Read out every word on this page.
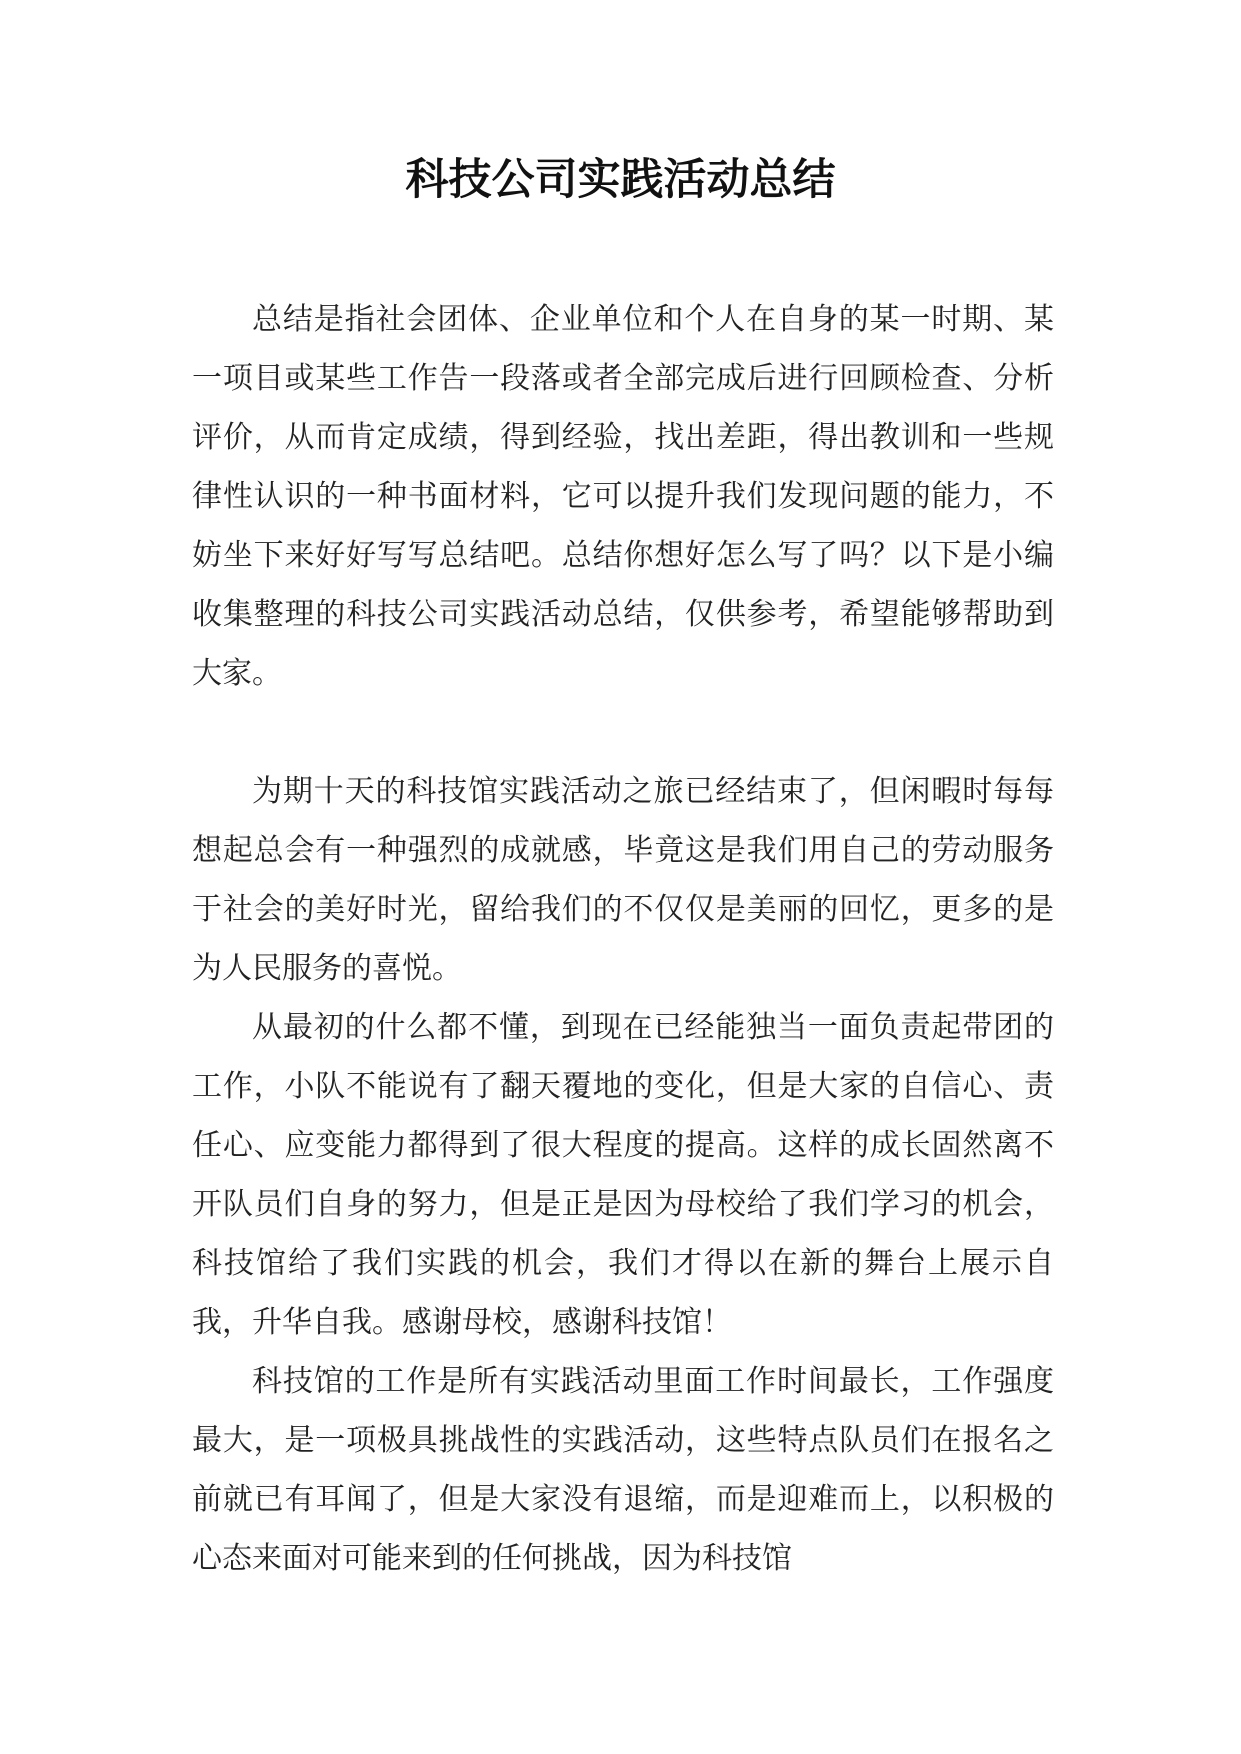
科技公司实践活动总结

总结是指社会团体、企业单位和个人在自身的某一时期、某一项目或某些工作告一段落或者全部完成后进行回顾检查、分析评价，从而肯定成绩，得到经验，找出差距，得出教训和一些规律性认识的一种书面材料，它可以提升我们发现问题的能力，不妨坐下来好好写写总结吧。总结你想好怎么写了吗？以下是小编收集整理的科技公司实践活动总结，仅供参考，希望能够帮助到大家。

为期十天的科技馆实践活动之旅已经结束了，但闲暇时每每想起总会有一种强烈的成就感，毕竟这是我们用自己的劳动服务于社会的美好时光，留给我们的不仅仅是美丽的回忆，更多的是为人民服务的喜悦。

从最初的什么都不懂，到现在已经能独当一面负责起带团的工作，小队不能说有了翻天覆地的变化，但是大家的自信心、责任心、应变能力都得到了很大程度的提高。这样的成长固然离不开队员们自身的努力，但是正是因为母校给了我们学习的机会，科技馆给了我们实践的机会，我们才得以在新的舞台上展示自我，升华自我。感谢母校，感谢科技馆！

科技馆的工作是所有实践活动里面工作时间最长，工作强度最大，是一项极具挑战性的实践活动，这些特点队员们在报名之前就已有耳闻了，但是大家没有退缩，而是迎难而上，以积极的心态来面对可能来到的任何挑战，因为科技馆
